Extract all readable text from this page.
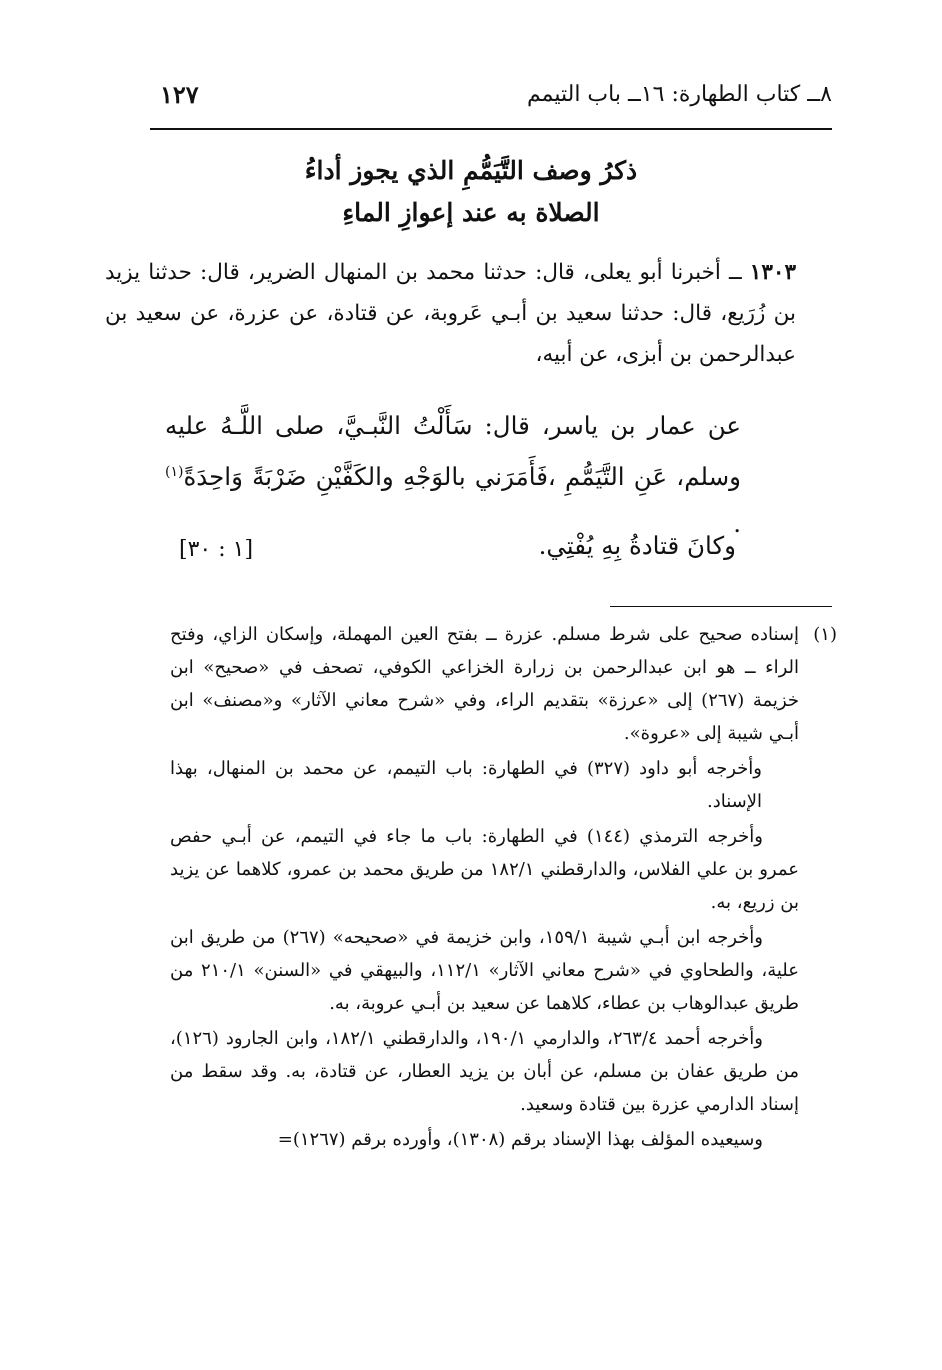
٨ــ كتاب الطهارة: ١٦ــ باب التيمم
١٢٧
ذكرُ وصف التَّيَمُّمِ الذي يجوز أداءُ
الصلاة به عند إعوازِ الماءِ

١٣٠٣ ــ أخبرنا أبو يعلى، قال: حدثنا محمد بن المنهال الضرير، قال: حدثنا يزيد بن زُرَيع، قال: حدثنا سعيد بن أبـي عَروبة، عن قتادة، عن عزرة، عن سعيد بن عبدالرحمن بن أبزى، عن أبيه،

عن عمار بن ياسر، قال: سَأَلْتُ النَّبـيَّ، صلى اللَّـهُ عليه وسلم، عَنِ التَّيَمُّمِ ،فَأَمَرَني بالوَجْهِ والكَفَّيْنِ ضَرْبَةً وَاحِدَةً$^{(١)}$ .

وكانَ قتادةُ بِهِ يُفْتِي.
[١ : ٣٠]

(١)إسناده صحيح على شرط مسلم. عزرة ــ بفتح العين المهملة، وإسكان الزاي، وفتح الراء ــ هو ابن عبدالرحمن بن زرارة الخزاعي الكوفي، تصحف في «صحيح» ابن خزيمة (٢٦٧) إلى «عرزة» بتقديم الراء، وفي «شرح معاني الآثار» و«مصنف» ابن أبـي شيبة إلى «عروة».

وأخرجه أبو داود (٣٢٧) في الطهارة: باب التيمم، عن محمد بن المنهال، بهذا الإسناد.

وأخرجه الترمذي (١٤٤) في الطهارة: باب ما جاء في التيمم، عن أبـي حفص عمرو بن علي الفلاس، والدارقطني ١٨٢/١ من طريق محمد بن عمرو، كلاهما عن يزيد بن زريع، به.

وأخرجه ابن أبـي شيبة ١٥٩/١، وابن خزيمة في «صحيحه» (٢٦٧) من طريق ابن علية، والطحاوي في «شرح معاني الآثار» ١١٢/١، والبيهقي في «السنن» ٢١٠/١ من طريق عبدالوهاب بن عطاء، كلاهما عن سعيد بن أبـي عروبة، به.

وأخرجه أحمد ٢٦٣/٤، والدارمي ١٩٠/١، والدارقطني ١٨٢/١، وابن الجارود (١٢٦)، من طريق عفان بن مسلم، عن أبان بن يزيد العطار، عن قتادة، به. وقد سقط من إسناد الدارمي عزرة بين قتادة وسعيد.

وسيعيده المؤلف بهذا الإسناد برقم (١٣٠٨)، وأورده برقم (١٢٦٧)=
